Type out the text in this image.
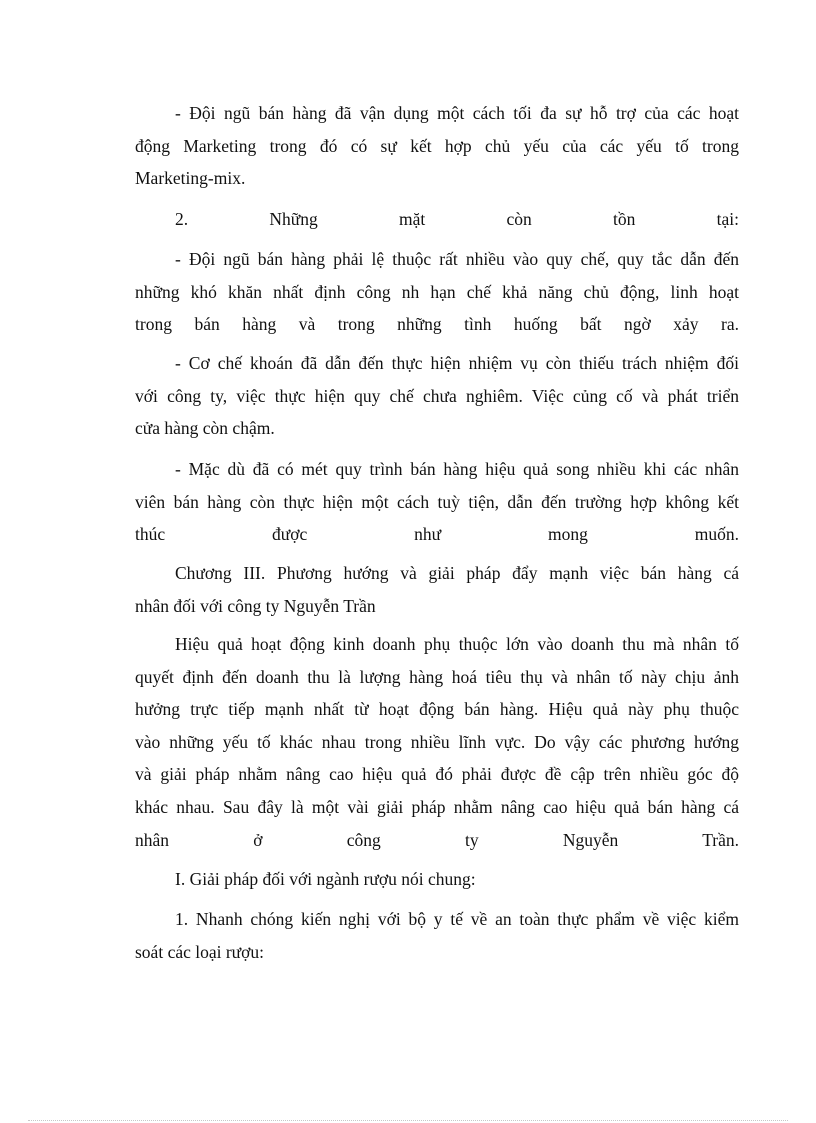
- Đội ngũ bán hàng đã vận dụng một cách tối đa sự hỗ trợ của các hoạt
động Marketing trong đó có sự kết hợp chủ yếu của các yếu tố trong
Marketing-mix.

2. Những mặt còn tồn tại:

- Đội ngũ bán hàng phải lệ thuộc rất nhiều vào quy chế, quy tắc dẫn đến
những khó khăn nhất định công nh hạn chế khả năng chủ động, linh hoạt
trong bán hàng và trong những tình huống bất ngờ xảy ra.

- Cơ chế khoán đã dẫn đến thực hiện nhiệm vụ còn thiếu trách nhiệm đối
với công ty, việc thực hiện quy chế chưa nghiêm. Việc củng cố và phát triển
cửa hàng còn chậm.

- Mặc dù đã có mét quy trình bán hàng hiệu quả song nhiều khi các nhân
viên bán hàng còn thực hiện một cách tuỳ tiện, dẫn đến trường hợp không kết
thúc được như mong muốn.

Chương III. Phương hướng và giải pháp đẩy mạnh việc bán hàng cá
nhân đối với công ty Nguyễn Trần

Hiệu quả hoạt động kinh doanh phụ thuộc lớn vào doanh thu mà nhân tố
quyết định đến doanh thu là lượng hàng hoá tiêu thụ và nhân tố này chịu ảnh
hưởng trực tiếp mạnh nhất từ hoạt động bán hàng. Hiệu quả này phụ thuộc
vào những yếu tố khác nhau trong nhiều lĩnh vực. Do vậy các phương hướng
và giải pháp nhằm nâng cao hiệu quả đó phải được đề cập trên nhiều góc độ
khác nhau. Sau đây là một vài giải pháp nhằm nâng cao hiệu quả bán hàng cá
nhân ở công ty Nguyễn Trần.

I. Giải pháp đối với ngành rượu nói chung:

1. Nhanh chóng kiến nghị với bộ y tế về an toàn thực phẩm về việc kiểm
soát các loại rượu:
